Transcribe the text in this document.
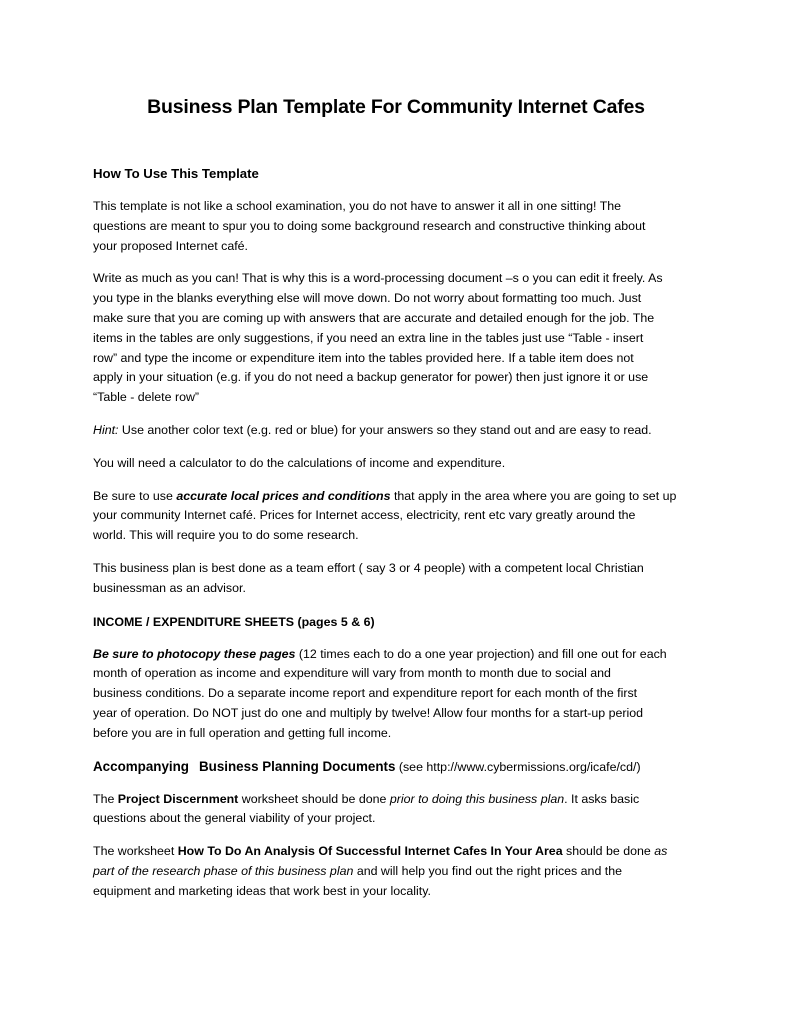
Business Plan Template For Community Internet Cafes
How To Use This Template

This template is not like a school examination, you do not have to answer it all in one sitting! The
questions are meant to spur you to doing some background research and constructive thinking about
your proposed Internet café.

Write as much as you can! That is why this is a word-processing document –s o you can edit it freely. As
you type in the blanks everything else will move down. Do not worry about formatting too much. Just
make sure that you are coming up with answers that are accurate and detailed enough for the job. The
items in the tables are only suggestions, if you need an extra line in the tables just use “Table - insert
row” and type the income or expenditure item into the tables provided here. If a table item does not
apply in your situation (e.g. if you do not need a backup generator for power) then just ignore it or use
“Table - delete row”

Hint: Use another color text (e.g. red or blue) for your answers so they stand out and are easy to read.

You will need a calculator to do the calculations of income and expenditure.

Be sure to use accurate local prices and conditions that apply in the area where you are going to set up
your community Internet café. Prices for Internet access, electricity, rent etc vary greatly around the
world. This will require you to do some research.

This business plan is best done as a team effort ( say 3 or 4 people) with a competent local Christian
businessman as an advisor.

INCOME / EXPENDITURE SHEETS (pages 5 & 6)

Be sure to photocopy these pages (12 times each to do a one year projection) and fill one out for each
month of operation as income and expenditure will vary from month to month due to social and
business conditions. Do a separate income report and expenditure report for each month of the first
year of operation. Do NOT just do one and multiply by twelve! Allow four months for a start-up period
before you are in full operation and getting full income.

Accompanying Business Planning Documents (see http://www.cybermissions.org/icafe/cd/)

The Project Discernment worksheet should be done prior to doing this business plan. It asks basic
questions about the general viability of your project.

The worksheet How To Do An Analysis Of Successful Internet Cafes In Your Area should be done as
part of the research phase of this business plan and will help you find out the right prices and the
equipment and marketing ideas that work best in your locality.
